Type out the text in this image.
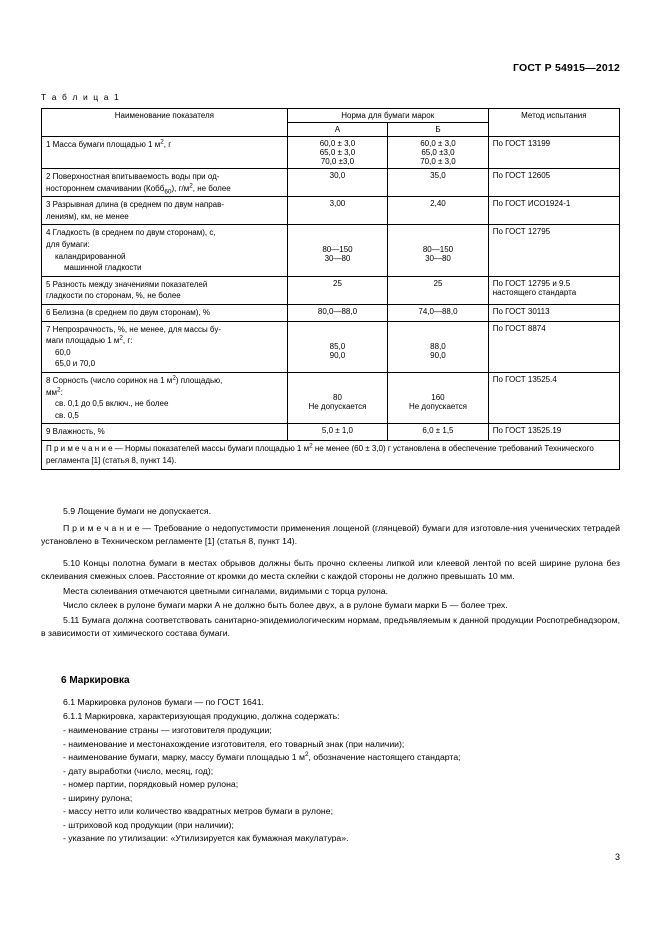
ГОСТ Р 54915—2012
Т а б л и ц а 1
Наименование показателя	Норма для бумаги марок		Метод испытания
	А	Б	
1 Масса бумаги площадью 1 $м^2$, г	60,0 ± 3,0
65,0 ± 3,0
70,0 ±3,0	60,0 ± 3,0
65,0 ±3,0
70,0 ± 3,0	По ГОСТ 13199
2 Поверхностная впитываемость воды при од-
ностороннем смачивании (Кобб$_{60}$), $г/м^2$, не более	30,0	35,0	По ГОСТ 12605
3 Разрывная длина (в среднем по двум направ-
лениям), км, не менее	3,00	2,40	По ГОСТ ИСО1924-1
4 Гладкость (в среднем по двум сторонам), с,
для бумаги:
каландрированной
машинной гладкости	80—150
30—80	80—150
30—80	По ГОСТ 12795
5 Разность между значениями показателей
гладкости по сторонам, %, не более	25	25	По ГОСТ 12795 и 9.5
настоящего стандарта
6 Белизна (в среднем по двум сторонам), %	80,0—88,0	74,0—88,0	По ГОСТ 30113
7 Непрозрачность, %, не менее, для массы бу-
маги площадью 1 $м^2$, г:
60,0
65,0 и 70,0	85,0
90,0	88,0
90,0	По ГОСТ 8874
8 Сорность (число соринок на 1 $м^2$) площадью,
$мм^2$:
св. 0,1 до 0,5 включ., не более
св. 0,5	80
Не допускается	160
Не допускается	По ГОСТ 13525.4
9 Влажность, %	5,0 ± 1,0	6,0 ± 1,5	По ГОСТ 13525.19
П р и м е ч а н и е — Нормы показателей массы бумаги площадью 1 $м^2$ не менее (60 ± 3,0) г установлена в обеспечение требований Технического регламента [1] (статья 8, пункт 14).			
5.9 Лощение бумаги не допускается.
П р и м е ч а н и е — Требование о недопустимости применения лощеной (глянцевой) бумаги для изготовле-ния ученических тетрадей установлено в Техническом регламенте [1] (статья 8, пункт 14).
5.10 Концы полотна бумаги в местах обрывов должны быть прочно склеены липкой или клеевой лентой по всей ширине рулона без склеивания смежных слоев. Расстояние от кромки до места склейки с каждой стороны не должно превышать 10 мм.
Места склеивания отмечаются цветными сигналами, видимыми с торца рулона.
Число склеек в рулоне бумаги марки А не должно быть более двух, а в рулоне бумаги марки Б — более трех.
5.11 Бумага должна соответствовать санитарно-эпидемиологическим нормам, предъявляемым к данной продукции Роспотребнадзором, в зависимости от химического состава бумаги.
6 Маркировка
6.1 Маркировка рулонов бумаги — по ГОСТ 1641.
6.1.1 Маркировка, характеризующая продукцию, должна содержать:
- наименование страны — изготовителя продукции;
- наименование и местонахождение изготовителя, его товарный знак (при наличии);
- наименование бумаги, марку, массу бумаги площадью 1 $м^2$, обозначение настоящего стандарта;
- дату выработки (число, месяц, год);
- номер партии, порядковый номер рулона;
- ширину рулона;
- массу нетто или количество квадратных метров бумаги в рулоне;
- штриховой код продукции (при наличии);
- указание по утилизации: «Утилизируется как бумажная макулатура».
3
